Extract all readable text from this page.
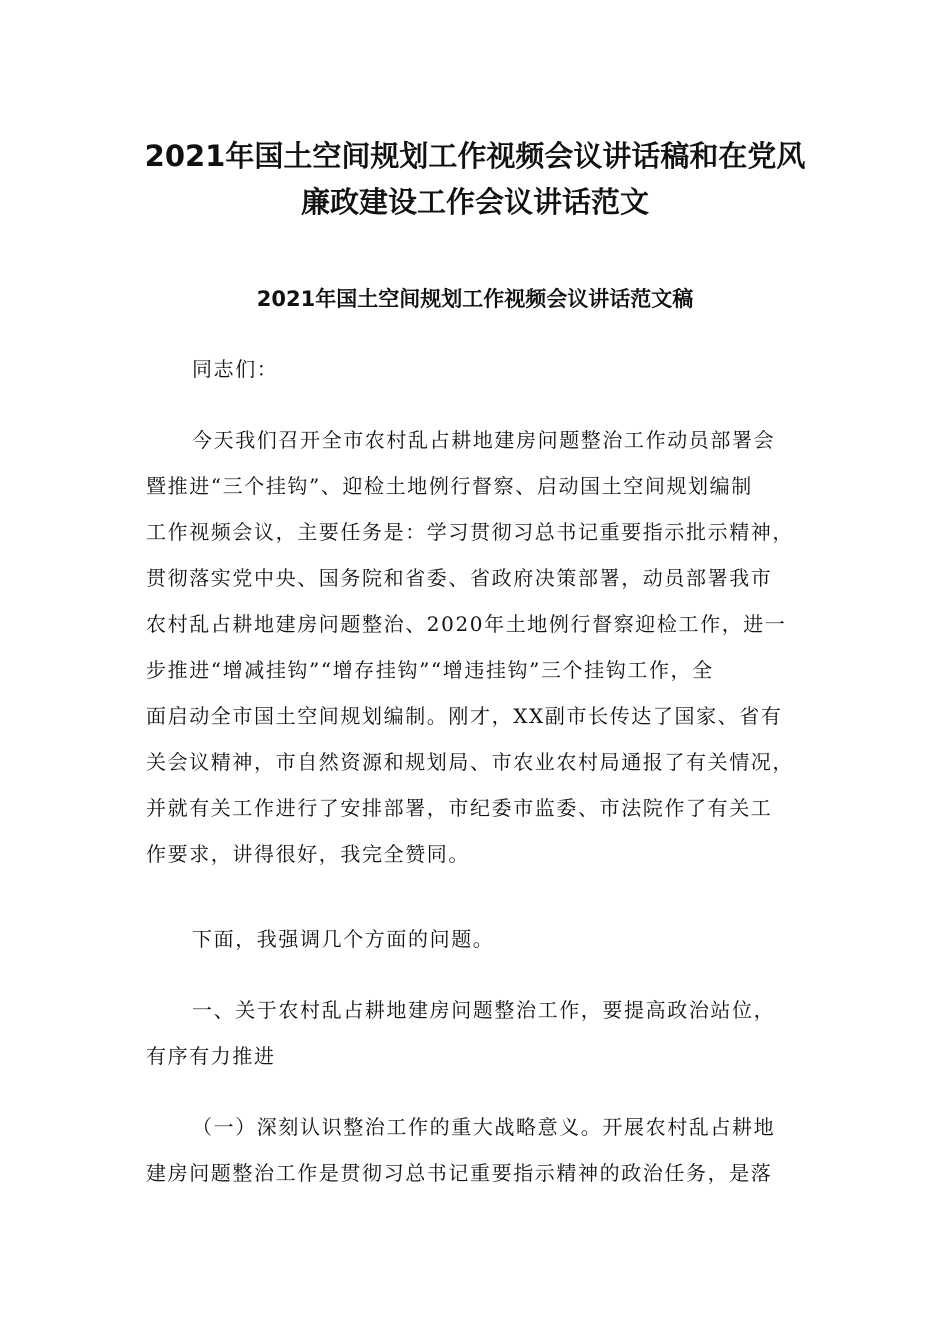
2021年国土空间规划工作视频会议讲话稿和在党风
廉政建设工作会议讲话范文
2021年国土空间规划工作视频会议讲话范文稿

同志们：

今天我们召开全市农村乱占耕地建房问题整治工作动员部署会

暨推进“三个挂钩”、迎检土地例行督察、启动国土空间规划编制

工作视频会议，主要任务是：学习贯彻习总书记重要指示批示精神，

贯彻落实党中央、国务院和省委、省政府决策部署，动员部署我市

农村乱占耕地建房问题整治、2020年土地例行督察迎检工作，进一

步推进“增减挂钩”“增存挂钩”“增违挂钩”三个挂钩工作，全

面启动全市国土空间规划编制。刚才，XX副市长传达了国家、省有

关会议精神，市自然资源和规划局、市农业农村局通报了有关情况，

并就有关工作进行了安排部署，市纪委市监委、市法院作了有关工

作要求，讲得很好，我完全赞同。

下面，我强调几个方面的问题。

一、关于农村乱占耕地建房问题整治工作，要提高政治站位，

有序有力推进

（一）深刻认识整治工作的重大战略意义。开展农村乱占耕地

建房问题整治工作是贯彻习总书记重要指示精神的政治任务，是落
